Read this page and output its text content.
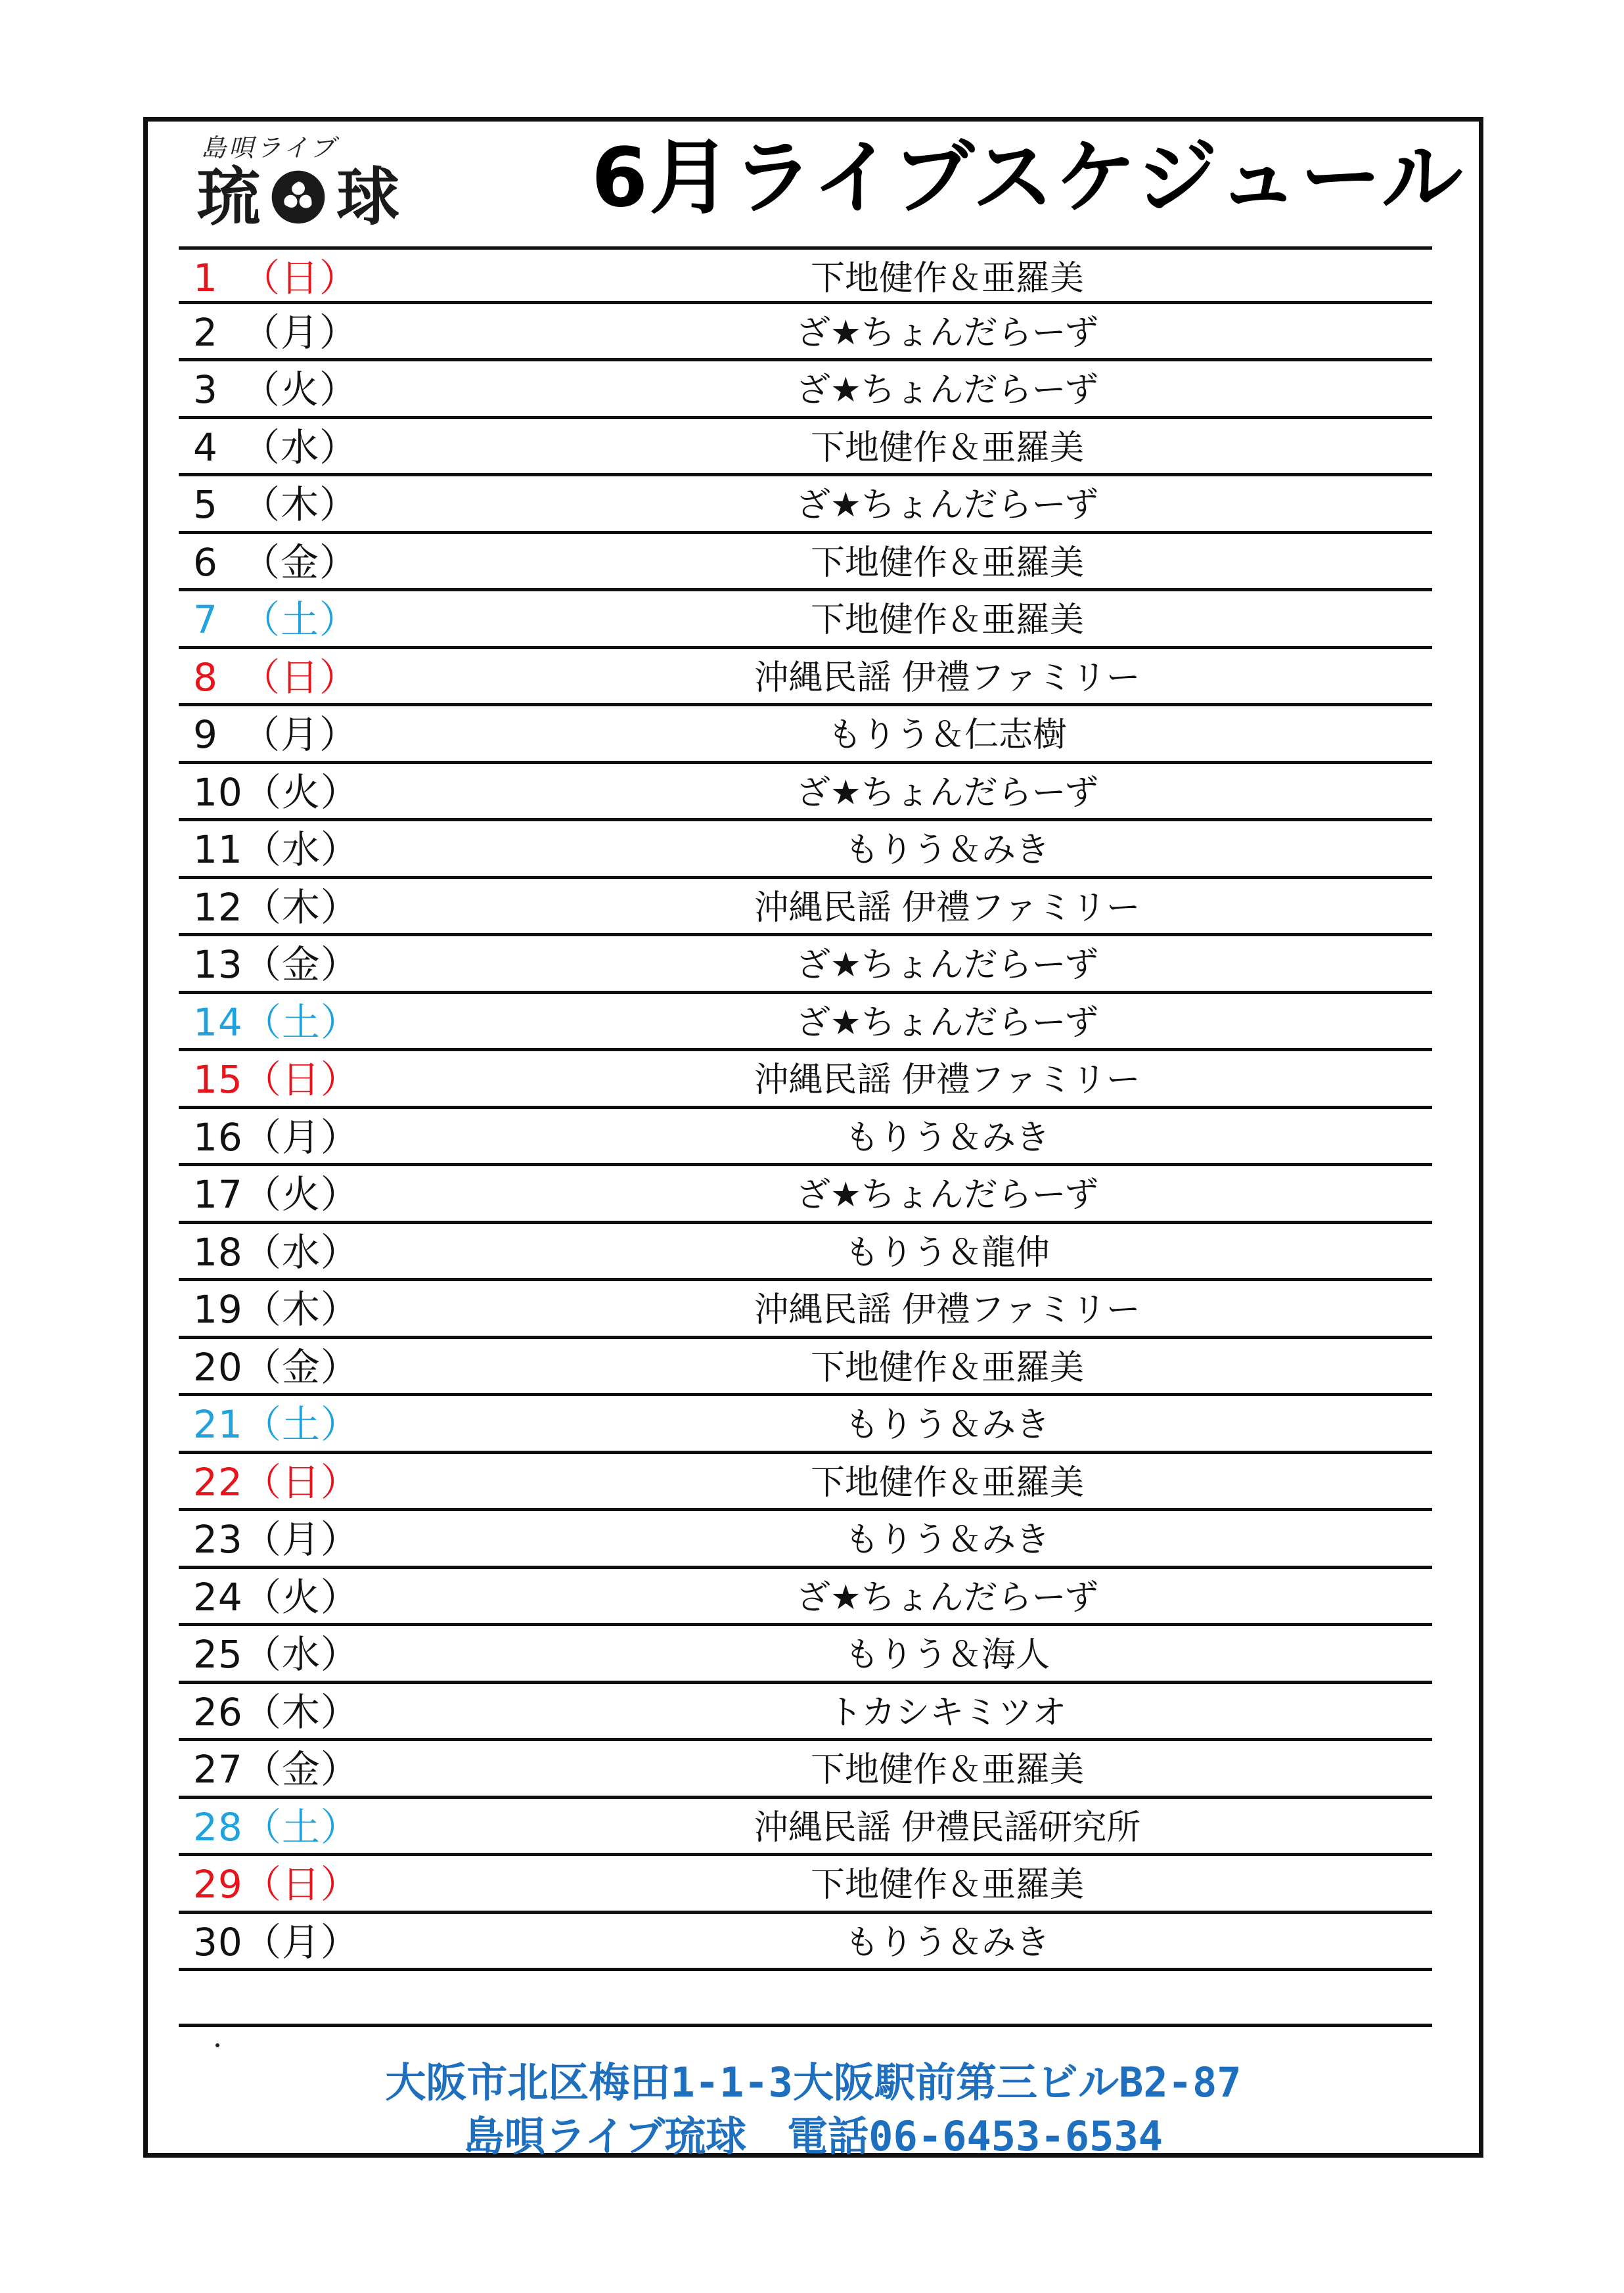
島唄ライブ
琉 球 6月ライブスケジュール
1 （日）	下地健作＆亜羅美
2 （月）	ざ★ちょんだらーず
3 （火）	ざ★ちょんだらーず
4 （水）	下地健作＆亜羅美
5 （木）	ざ★ちょんだらーず
6 （金）	下地健作＆亜羅美
7 （土）	下地健作＆亜羅美
8 （日）	沖縄民謡 伊禮ファミリー
9 （月）	もりう＆仁志樹
10（火）	ざ★ちょんだらーず
11（水）	もりう＆みき
12（木）	沖縄民謡 伊禮ファミリー
13（金）	ざ★ちょんだらーず
14（土）	ざ★ちょんだらーず
15（日）	沖縄民謡 伊禮ファミリー
16（月）	もりう＆みき
17（火）	ざ★ちょんだらーず
18（水）	もりう＆龍伸
19（木）	沖縄民謡 伊禮ファミリー
20（金）	下地健作＆亜羅美
21（土）	もりう＆みき
22（日）	下地健作＆亜羅美
23（月）	もりう＆みき
24（火）	ざ★ちょんだらーず
25（水）	もりう＆海人
26（木）	トカシキミツオ
27（金）	下地健作＆亜羅美
28（土）	沖縄民謡 伊禮民謡研究所
29（日）	下地健作＆亜羅美
30（月）	もりう＆みき
大阪市北区梅田1-1-3大阪駅前第三ビルB2-87
島唄ライブ琉球　電話06-6453-6534
